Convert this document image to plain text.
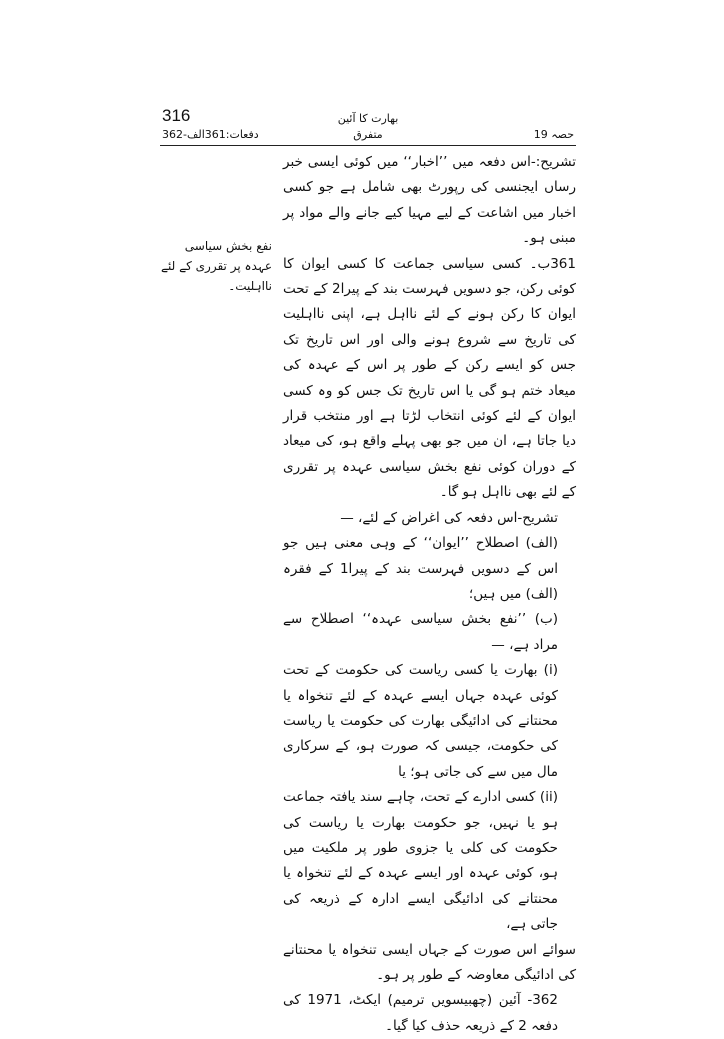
316	بھارت کا آئین
متفرق
دفعات:361الف-362	حصہ 19
نفع بخش سیاسی عہدہ پر تقرری کے لئے نااہلیت۔

تشریح:-اس دفعہ میں ’’اخبار‘‘ میں کوئی ایسی خبر رساں ایجنسی کی رپورٹ بھی شامل ہے جو کسی اخبار میں اشاعت کے لیے مہیا کیے جانے والے مواد پر مبنی ہو۔

361ب۔ کسی سیاسی جماعت کا کسی ایوان کا کوئی رکن، جو دسویں فہرست بند کے پیرا2 کے تحت ایوان کا رکن ہونے کے لئے نااہل ہے، اپنی نااہلیت کی تاریخ سے شروع ہونے والی اور اس تاریخ تک جس کو ایسے رکن کے طور پر اس کے عہدہ کی میعاد ختم ہو گی یا اس تاریخ تک جس کو وہ کسی ایوان کے لئے کوئی انتخاب لڑتا ہے اور منتخب قرار دیا جاتا ہے، ان میں جو بھی پہلے واقع ہو، کی میعاد کے دوران کوئی نفع بخش سیاسی عہدہ پر تقرری کے لئے بھی نااہل ہو گا۔

تشریح-اس دفعہ کی اغراض کے لئے، —

(الف) اصطلاح ’’ایوان‘‘ کے وہی معنی ہیں جو اس کے دسویں فہرست بند کے پیرا1 کے فقرہ (الف) میں ہیں؛

(ب) ’’نفع بخش سیاسی عہدہ‘‘ اصطلاح سے مراد ہے، —

(i) بھارت یا کسی ریاست کی حکومت کے تحت کوئی عہدہ جہاں ایسے عہدہ کے لئے تنخواہ یا محنتانے کی ادائیگی بھارت کی حکومت یا ریاست کی حکومت، جیسی کہ صورت ہو، کے سرکاری مال میں سے کی جاتی ہو؛ یا

(ii) کسی ادارے کے تحت، چاہے سند یافتہ جماعت ہو یا نہیں، جو حکومت بھارت یا ریاست کی حکومت کی کلی یا جزوی طور پر ملکیت میں ہو، کوئی عہدہ اور ایسے عہدہ کے لئے تنخواہ یا محنتانے کی ادائیگی ایسے ادارہ کے ذریعہ کی جاتی ہے،

سوائے اس صورت کے جہاں ایسی تنخواہ یا محنتانے کی ادائیگی معاوضہ کے طور پر ہو۔

362- آئین (چھبیسویں ترمیم) ایکٹ، 1971 کی دفعہ 2 کے ذریعہ حذف کیا گیا۔
